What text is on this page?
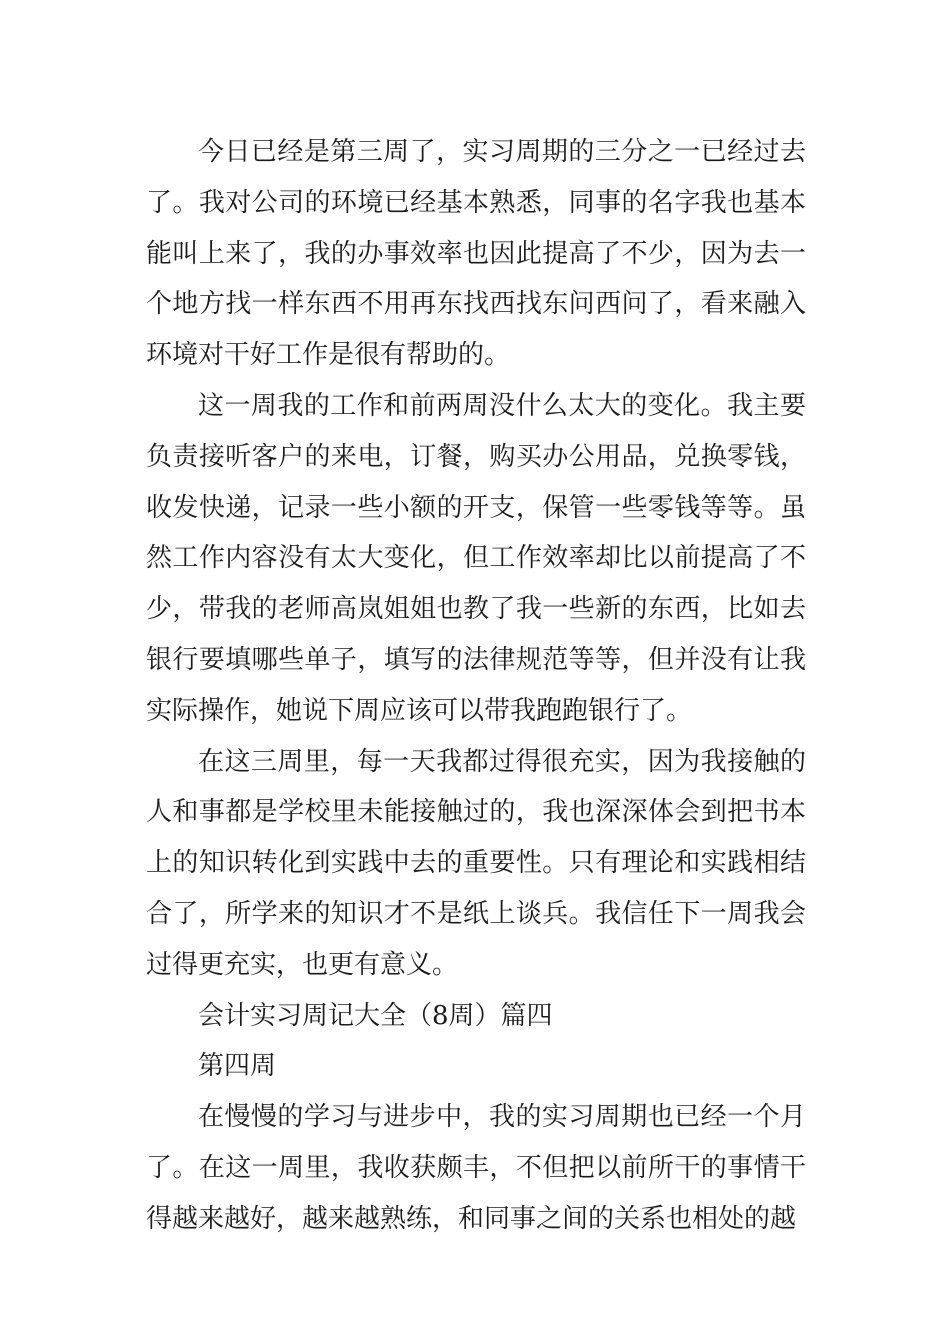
今日已经是第三周了，实习周期的三分之一已经过去了。我对公司的环境已经基本熟悉，同事的名字我也基本能叫上来了，我的办事效率也因此提高了不少，因为去一个地方找一样东西不用再东找西找东问西问了，看来融入环境对干好工作是很有帮助的。

这一周我的工作和前两周没什么太大的变化。我主要负责接听客户的来电，订餐，购买办公用品，兑换零钱，收发快递，记录一些小额的开支，保管一些零钱等等。虽然工作内容没有太大变化，但工作效率却比以前提高了不少，带我的老师高岚姐姐也教了我一些新的东西，比如去银行要填哪些单子，填写的法律规范等等，但并没有让我实际操作，她说下周应该可以带我跑跑银行了。

在这三周里，每一天我都过得很充实，因为我接触的人和事都是学校里未能接触过的，我也深深体会到把书本上的知识转化到实践中去的重要性。只有理论和实践相结合了，所学来的知识才不是纸上谈兵。我信任下一周我会过得更充实，也更有意义。

会计实习周记大全（8周）篇四

第四周

在慢慢的学习与进步中，我的实习周期也已经一个月了。在这一周里，我收获颇丰，不但把以前所干的事情干得越来越好，越来越熟练，和同事之间的关系也相处的越
